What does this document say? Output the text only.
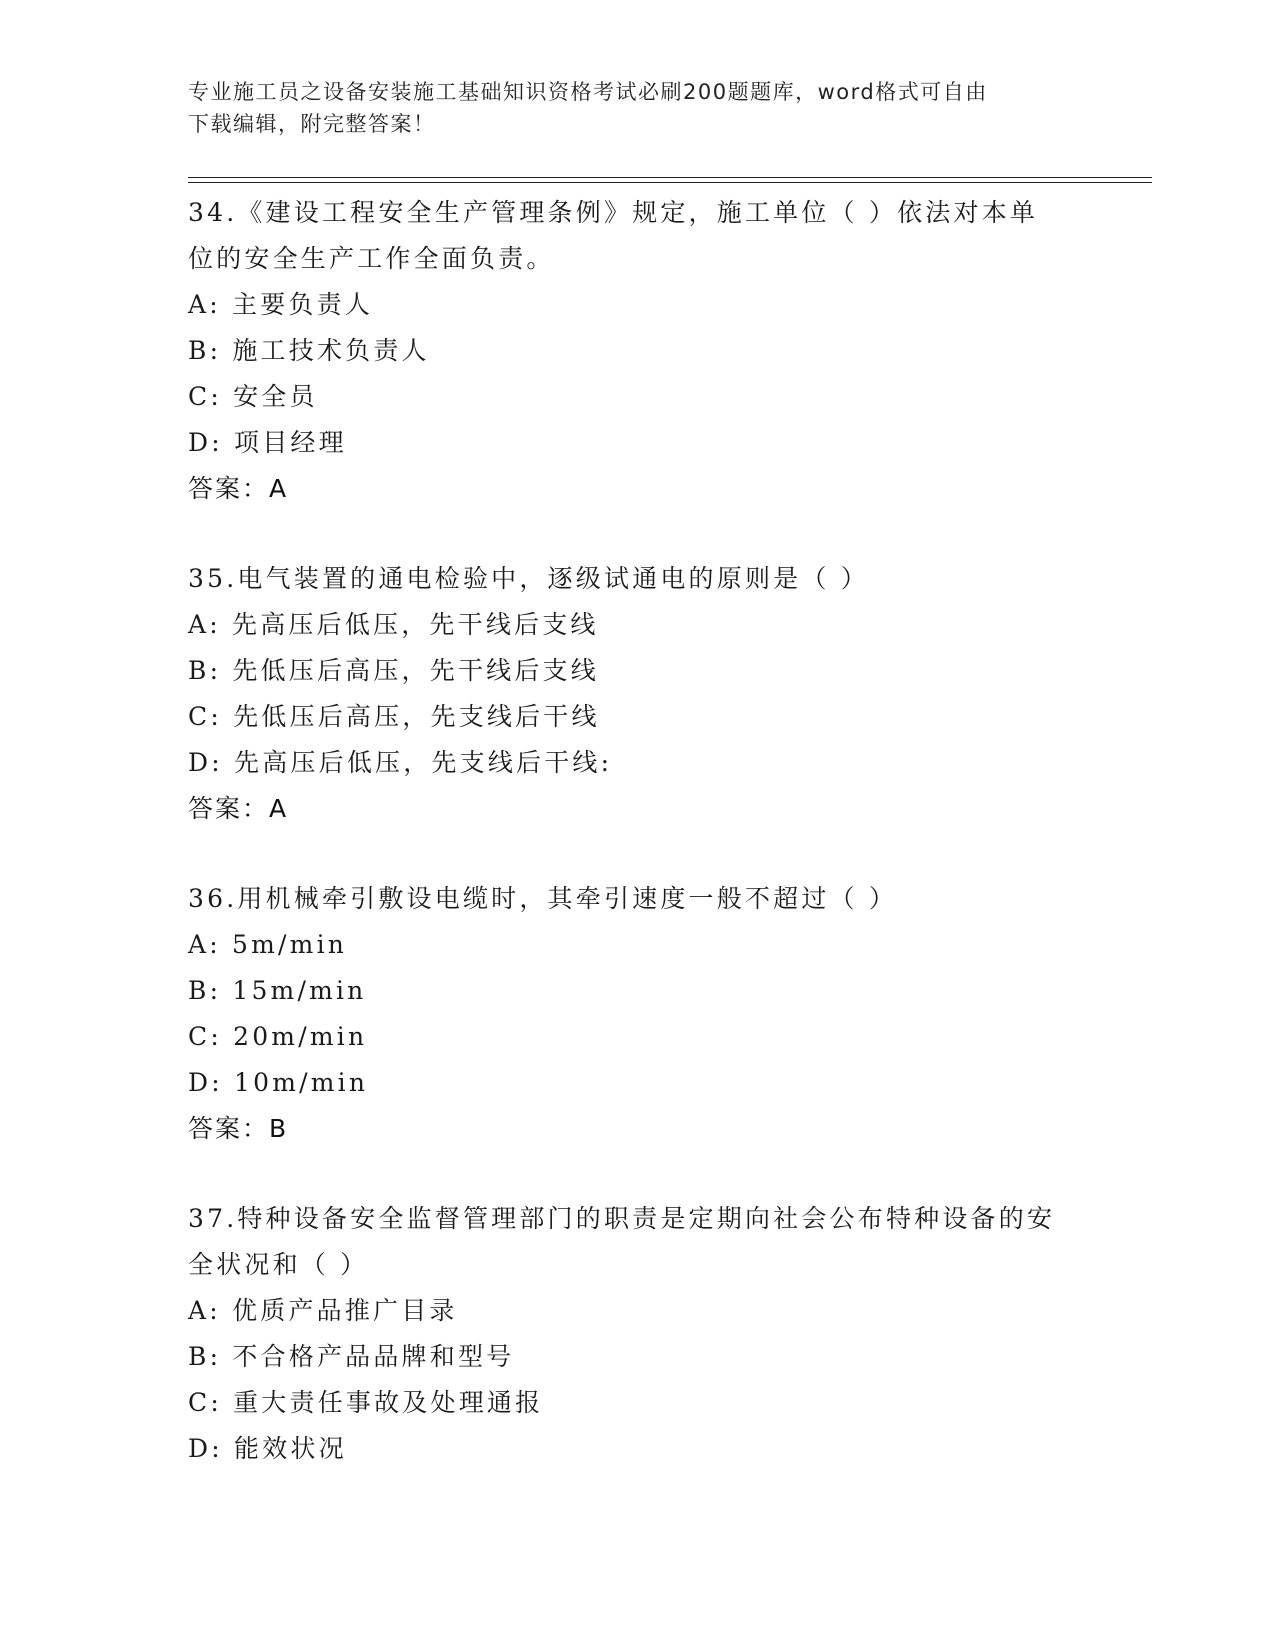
专业施工员之设备安装施工基础知识资格考试必刷200题题库，word格式可自由
下载编辑，附完整答案！
34.《建设工程安全生产管理条例》规定，施工单位（ ）依法对本单
位的安全生产工作全面负责。
A: 主要负责人
B: 施工技术负责人
C: 安全员
D: 项目经理
答案：A
35.电气装置的通电检验中，逐级试通电的原则是（ ）
A: 先高压后低压，先干线后支线
B: 先低压后高压，先干线后支线
C: 先低压后高压，先支线后干线
D: 先高压后低压，先支线后干线:
答案：A
36.用机械牵引敷设电缆时，其牵引速度一般不超过（ ）
A: 5m/min
B: 15m/min
C: 20m/min
D: 10m/min
答案：B
37.特种设备安全监督管理部门的职责是定期向社会公布特种设备的安
全状况和（ ）
A: 优质产品推广目录
B: 不合格产品品牌和型号
C: 重大责任事故及处理通报
D: 能效状况
